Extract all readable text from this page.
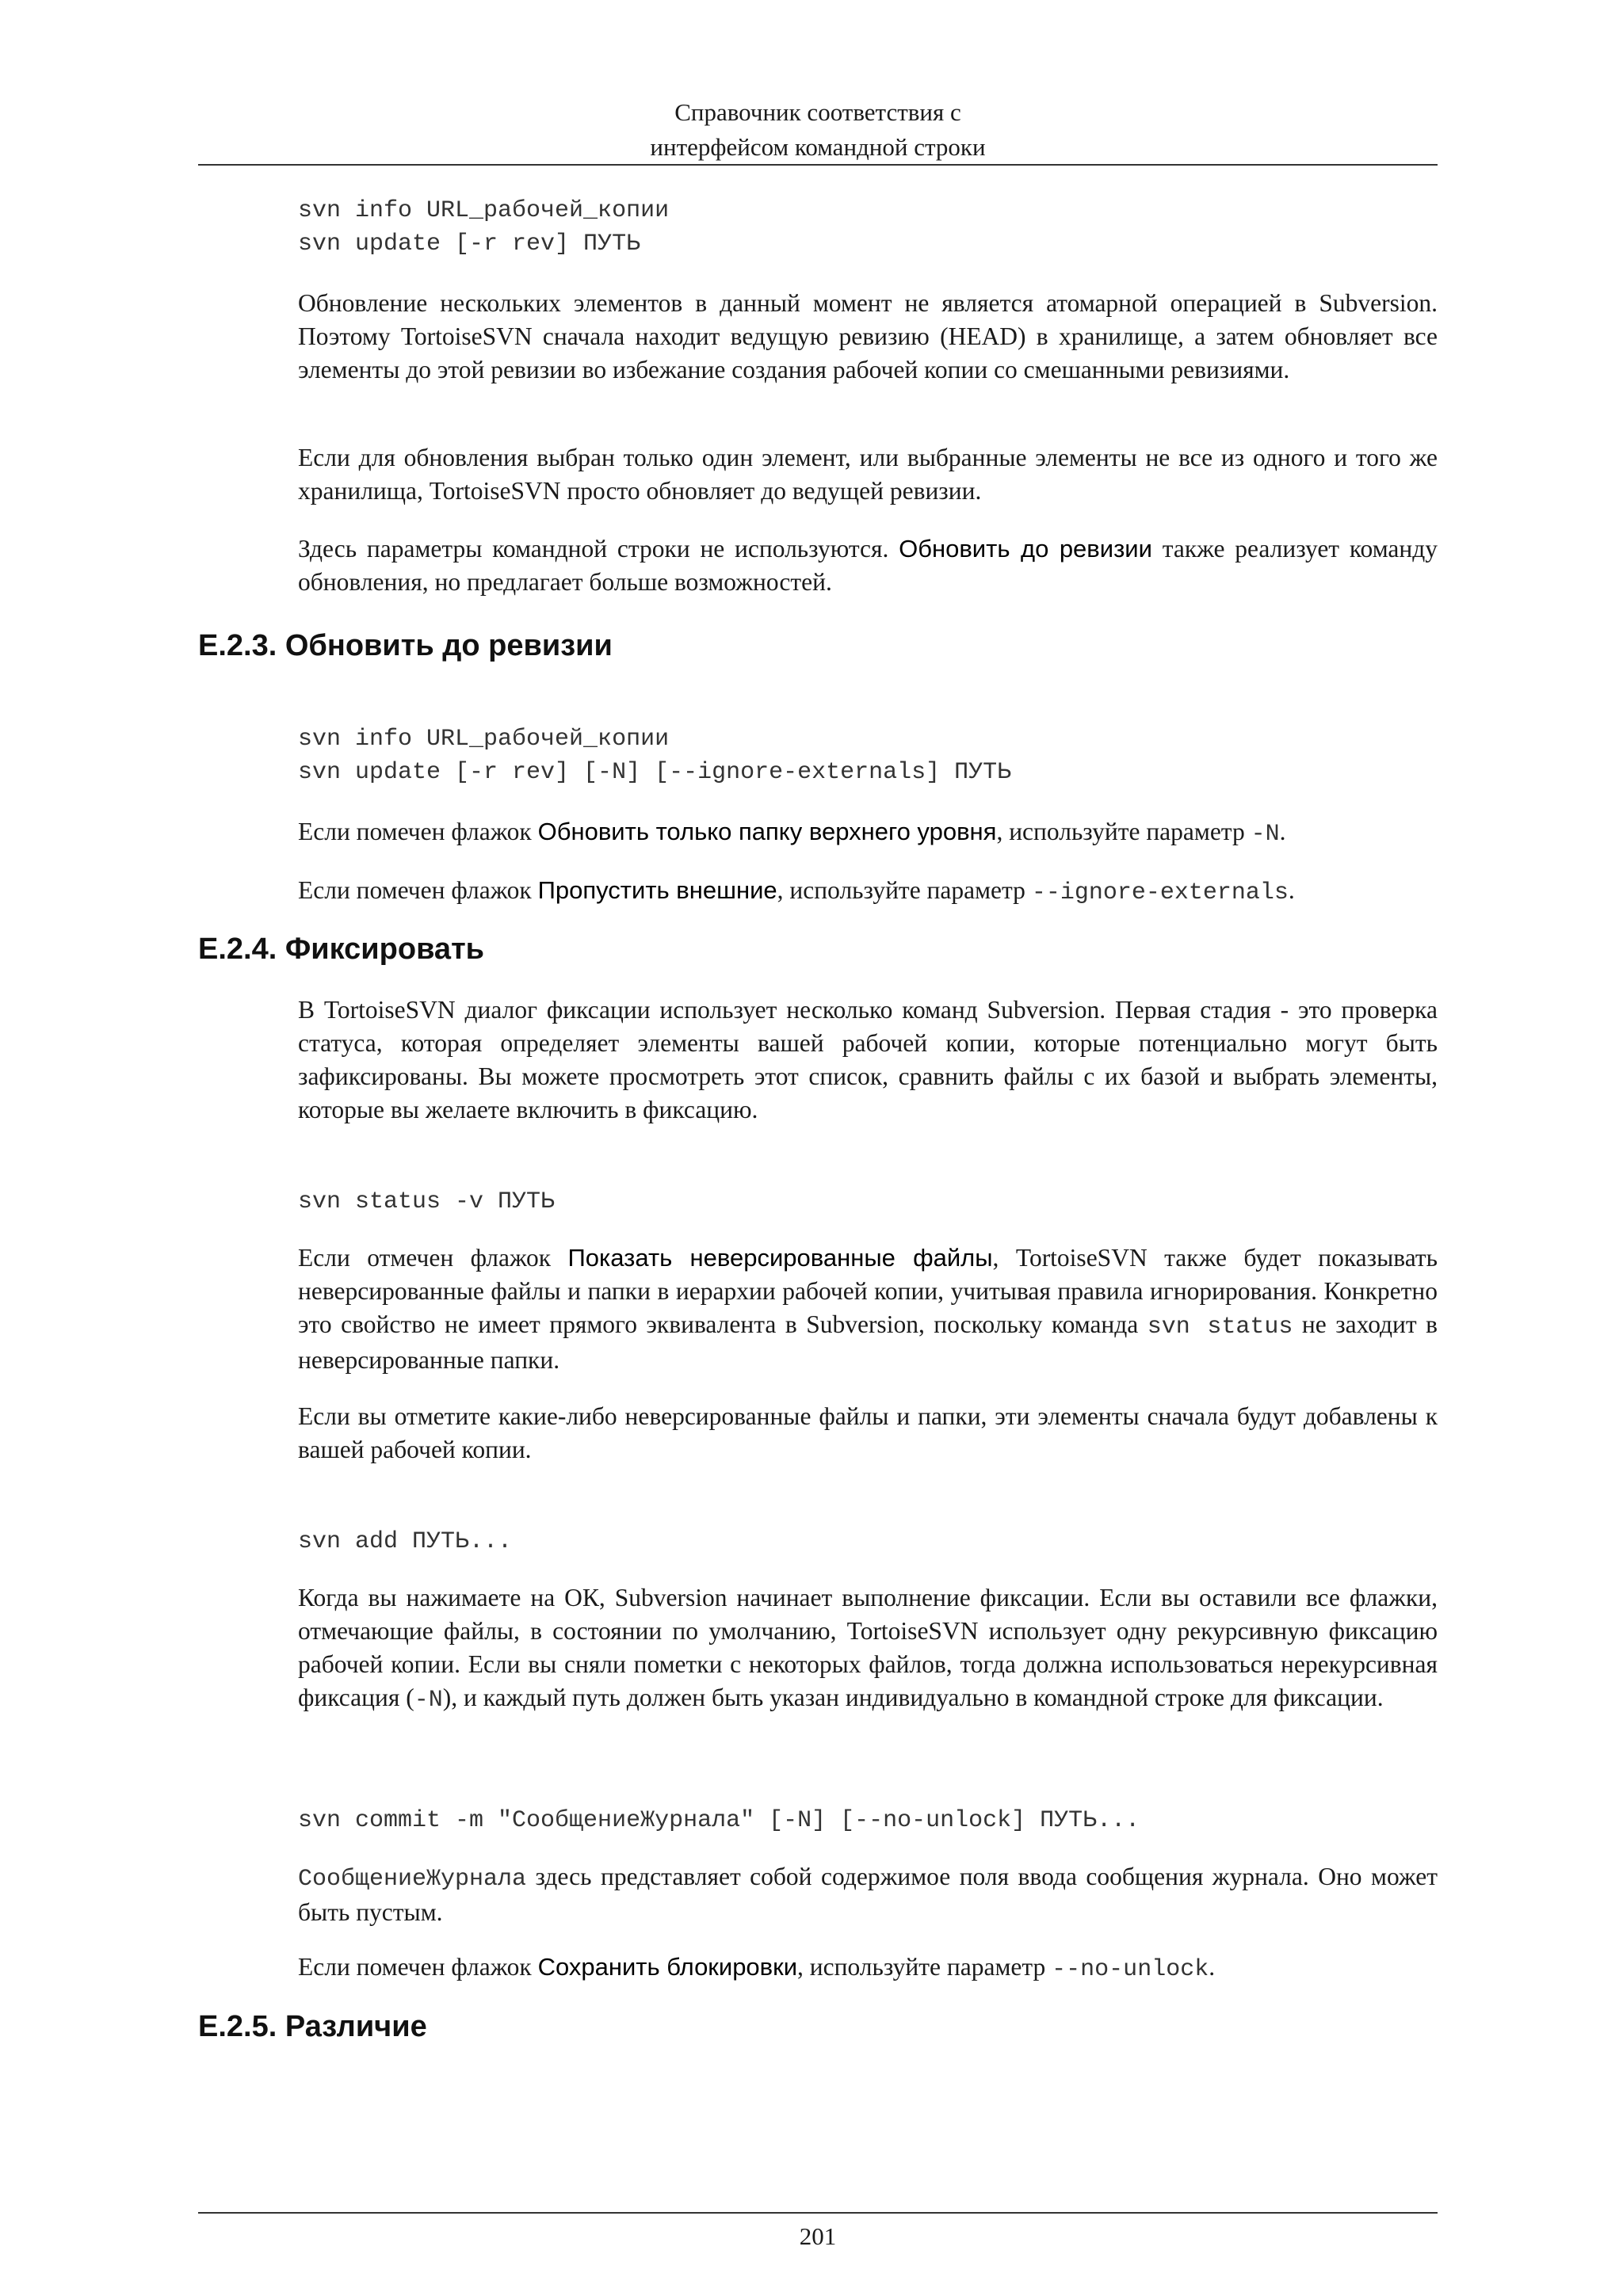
Справочник соответствия с
интерфейсом командной строки
svn info URL_рабочей_копии
svn update [-r rev] ПУТЬ

Обновление нескольких элементов в данный момент не является атомарной операцией в Subversion. Поэтому TortoiseSVN сначала находит ведущую ревизию (HEAD) в хранилище, а затем обновляет все элементы до этой ревизии во избежание создания рабочей копии со смешанными ревизиями.

Если для обновления выбран только один элемент, или выбранные элементы не все из одного и того же хранилища, TortoiseSVN просто обновляет до ведущей ревизии.

Здесь параметры командной строки не используются. Обновить до ревизии также реализует команду обновления, но предлагает больше возможностей.

E.2.3. Обновить до ревизии
svn info URL_рабочей_копии
svn update [-r rev] [-N] [--ignore-externals] ПУТЬ

Если помечен флажок Обновить только папку верхнего уровня, используйте параметр -N.

Если помечен флажок Пропустить внешние, используйте параметр --ignore-externals.

E.2.4. Фиксировать

В TortoiseSVN диалог фиксации использует несколько команд Subversion. Первая стадия - это проверка статуса, которая определяет элементы вашей рабочей копии, которые потенциально могут быть зафиксированы. Вы можете просмотреть этот список, сравнить файлы с их базой и выбрать элементы, которые вы желаете включить в фиксацию.

svn status -v ПУТЬ

Если отмечен флажок Показать неверсированные файлы, TortoiseSVN также будет показывать неверсированные файлы и папки в иерархии рабочей копии, учитывая правила игнорирования. Конкретно это свойство не имеет прямого эквивалента в Subversion, поскольку команда svn status не заходит в неверсированные папки.

Если вы отметите какие-либо неверсированные файлы и папки, эти элементы сначала будут добавлены к вашей рабочей копии.

svn add ПУТЬ...

Когда вы нажимаете на ОК, Subversion начинает выполнение фиксации. Если вы оставили все флажки, отмечающие файлы, в состоянии по умолчанию, TortoiseSVN использует одну рекурсивную фиксацию рабочей копии. Если вы сняли пометки с некоторых файлов, тогда должна использоваться нерекурсивная фиксация (-N), и каждый путь должен быть указан индивидуально в командной строке для фиксации.

svn commit -m "СообщениеЖурнала" [-N] [--no-unlock] ПУТЬ...

СообщениеЖурнала здесь представляет собой содержимое поля ввода сообщения журнала. Оно может быть пустым.

Если помечен флажок Сохранить блокировки, используйте параметр --no-unlock.

E.2.5. Различие
201
